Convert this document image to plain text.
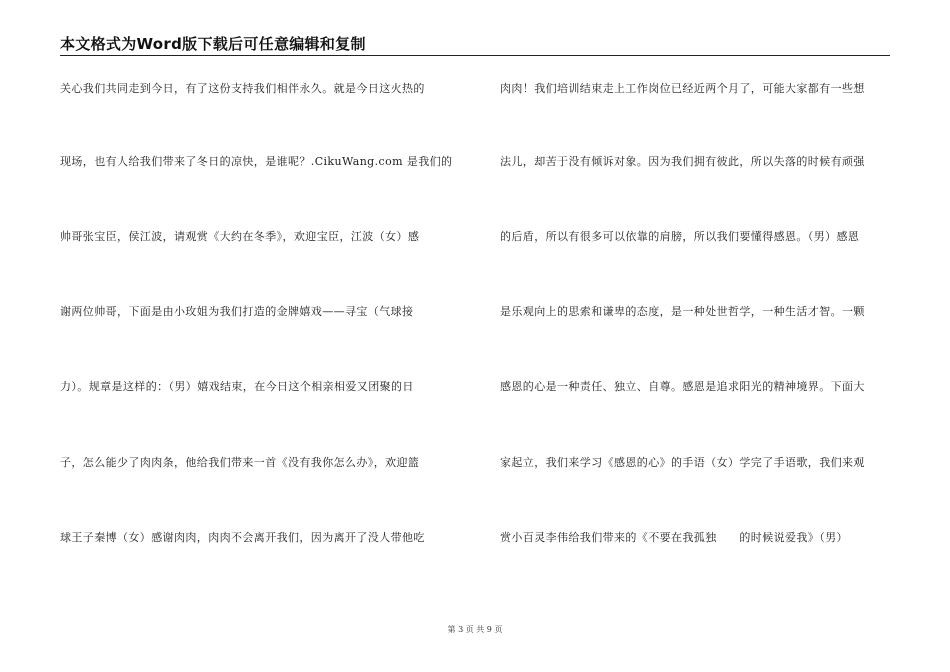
本文格式为Word版下载后可任意编辑和复制
关心我们共同走到今日，有了这份支持我们相伴永久。就是今日这火热的
现场，也有人给我们带来了冬日的凉快，是谁呢？.CikuWang.com 是我们的
帅哥张宝臣，侯江波，请观赏《大约在冬季》，欢迎宝臣，江波（女）感
谢两位帅哥，下面是由小玫姐为我们打造的金牌嬉戏——寻宝（气球接
力）。规章是这样的：（男）嬉戏结束，在今日这个相亲相爱又团聚的日
子，怎么能少了肉肉条，他给我们带来一首《没有我你怎么办》，欢迎篮
球王子秦博（女）感谢肉肉，肉肉不会离开我们，因为离开了没人带他吃
肉肉！我们培训结束走上工作岗位已经近两个月了，可能大家都有一些想
法儿，却苦于没有倾诉对象。因为我们拥有彼此，所以失落的时候有顽强
的后盾，所以有很多可以依靠的肩膀，所以我们要懂得感恩。（男）感恩
是乐观向上的思索和谦卑的态度，是一种处世哲学，一种生活才智。一颗
感恩的心是一种责任、独立、自尊。感恩是追求阳光的精神境界。下面大
家起立，我们来学习《感恩的心》的手语（女）学完了手语歌，我们来观
赏小百灵李伟给我们带来的《不要在我孤独　　的时候说爱我》（男）
第 3 页 共 9 页
